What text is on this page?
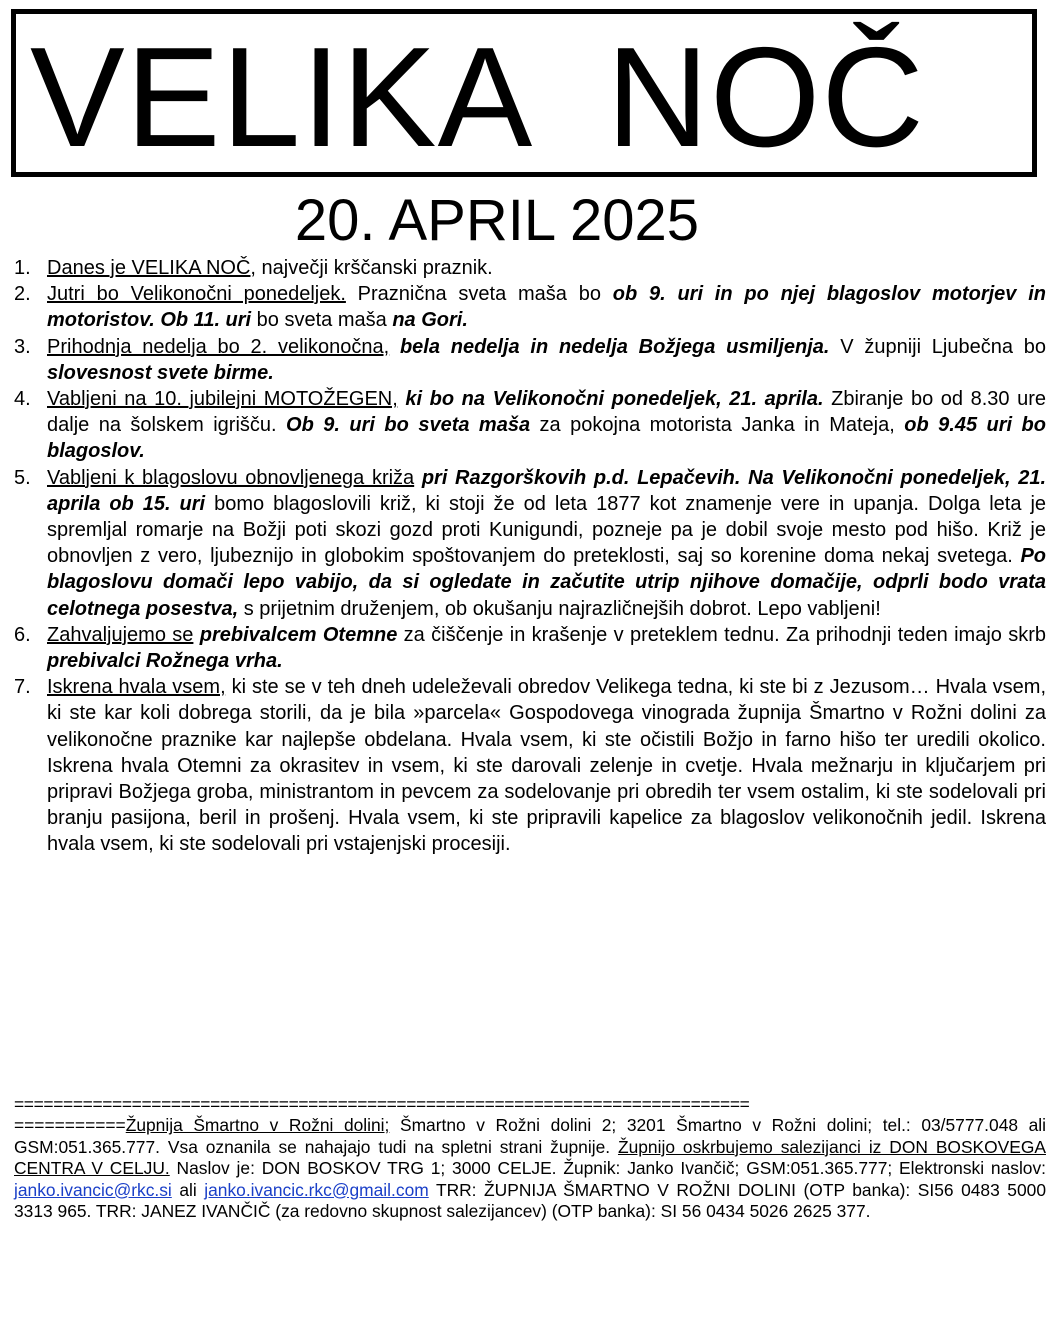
VELIKA  NOČ
20. APRIL 2025
1. Danes je VELIKA NOČ, največji krščanski praznik.
2. Jutri bo Velikonočni ponedeljek. Praznična sveta maša bo ob 9. uri in po njej blagoslov motorjev in motoristov. Ob 11. uri bo sveta maša na Gori.
3. Prihodnja nedelja bo 2. velikonočna, bela nedelja in nedelja Božjega usmiljenja. V župniji Ljubečna bo slovesnost svete birme.
4. Vabljeni na 10. jubilejni MOTOŽEGEN, ki bo na Velikonočni ponedeljek, 21. aprila. Zbiranje bo od 8.30 ure dalje na šolskem igrišču. Ob 9. uri bo sveta maša za pokojna motorista Janka in Mateja, ob 9.45 uri bo blagoslov.
5. Vabljeni k blagoslovu obnovljenega križa pri Razgorškovih p.d. Lepačevih. Na Velikonočni ponedeljek, 21. aprila ob 15. uri bomo blagoslovili križ, ki stoji že od leta 1877 kot znamenje vere in upanja. Dolga leta je spremljal romarje na Božji poti skozi gozd proti Kunigundi, pozneje pa je dobil svoje mesto pod hišo. Križ je obnovljen z vero, ljubeznijo in globokim spoštovanjem do preteklosti, saj so korenine doma nekaj svetega. Po blagoslovu domači lepo vabijo, da si ogledate in začutite utrip njihove domačije, odprli bodo vrata celotnega posestva, s prijetnim druženjem, ob okušanju najrazličnejših dobrot. Lepo vabljeni!
6. Zahvaljujemo se prebivalcem Otemne za čiščenje in krašenje v preteklem tednu. Za prihodnji teden imajo skrb prebivalci Rožnega vrha.
7. Iskrena hvala vsem, ki ste se v teh dneh udeleževali obredov Velikega tedna, ki ste bi z Jezusom… Hvala vsem, ki ste kar koli dobrega storili, da je bila »parcela« Gospodovega vinograda župnija Šmartno v Rožni dolini za velikonočne praznike kar najlepše obdelana. Hvala vsem, ki ste očistili Božjo in farno hišo ter uredili okolico. Iskrena hvala Otemni za okrasitev in vsem, ki ste darovali zelenje in cvetje. Hvala mežnarju in ključarjem pri pripravi Božjega groba, ministrantom in pevcem za sodelovanje pri obredih ter vsem ostalim, ki ste sodelovali pri branju pasijona, beril in prošenj. Hvala vsem, ki ste pripravili kapelice za blagoslov velikonočnih jedil. Iskrena hvala vsem, ki ste sodelovali pri vstajenjski procesiji.

===========================================================================

===========Župnija Šmartno v Rožni dolini; Šmartno v Rožni dolini 2; 3201 Šmartno v Rožni dolini; tel.: 03/5777.048 ali GSM:051.365.777. Vsa oznanila se nahajajo tudi na spletni strani župnije. Župnijo oskrbujemo salezijanci iz DON BOSKOVEGA CENTRA V CELJU. Naslov je: DON BOSKOV TRG 1; 3000 CELJE. Župnik: Janko Ivančič; GSM:051.365.777; Elektronski naslov: janko.ivancic@rkc.si ali janko.ivancic.rkc@gmail.com TRR: ŽUPNIJA ŠMARTNO V ROŽNI DOLINI (OTP banka): SI56 0483 5000 3313 965. TRR: JANEZ IVANČIČ (za redovno skupnost salezijancev) (OTP banka): SI 56 0434 5026 2625 377.
